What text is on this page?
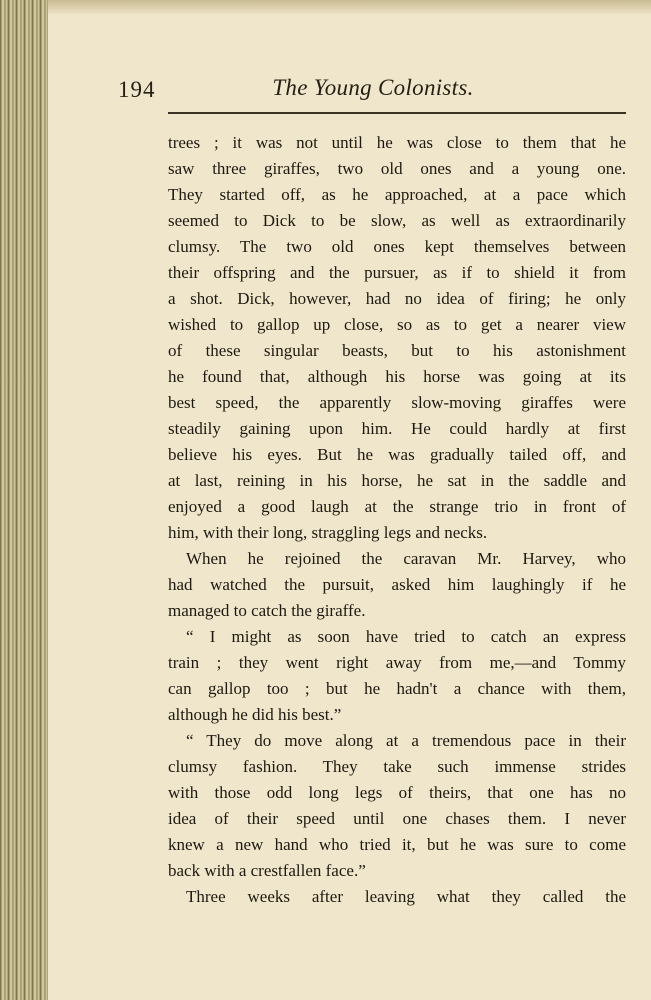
194	The Young Colonists.
trees ; it was not until he was close to them that he
saw three giraffes, two old ones and a young one.
They started off, as he approached, at a pace which
seemed to Dick to be slow, as well as extraordinarily
clumsy. The two old ones kept themselves between
their offspring and the pursuer, as if to shield it from
a shot. Dick, however, had no idea of firing; he only
wished to gallop up close, so as to get a nearer view
of these singular beasts, but to his astonishment
he found that, although his horse was going at its
best speed, the apparently slow-moving giraffes were
steadily gaining upon him. He could hardly at first
believe his eyes. But he was gradually tailed off, and
at last, reining in his horse, he sat in the saddle and
enjoyed a good laugh at the strange trio in front of
him, with their long, straggling legs and necks.
When he rejoined the caravan Mr. Harvey, who
had watched the pursuit, asked him laughingly if he
managed to catch the giraffe.
“ I might as soon have tried to catch an express
train ; they went right away from me,—and Tommy
can gallop too ; but he hadn't a chance with them,
although he did his best.”
“ They do move along at a tremendous pace in their
clumsy fashion. They take such immense strides
with those odd long legs of theirs, that one has no
idea of their speed until one chases them. I never
knew a new hand who tried it, but he was sure to come
back with a crestfallen face.”
Three weeks after leaving what they called the
